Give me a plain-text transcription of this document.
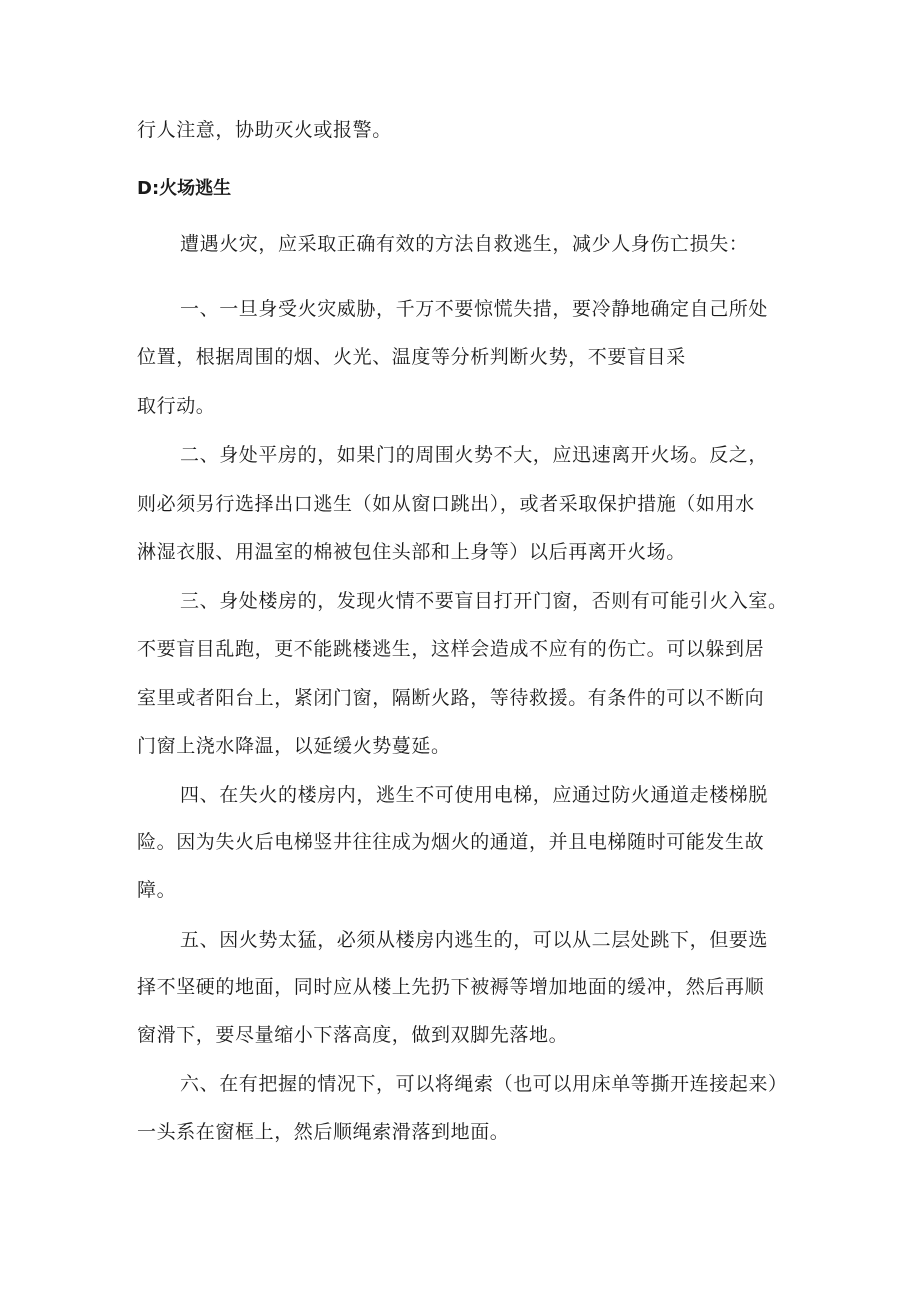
行人注意，协助灭火或报警。
D:火场逃生
遭遇火灾，应采取正确有效的方法自救逃生，减少人身伤亡损失：
一、一旦身受火灾威胁，千万不要惊慌失措，要冷静地确定自己所处
位置，根据周围的烟、火光、温度等分析判断火势，不要盲目采
取行动。
二、身处平房的，如果门的周围火势不大，应迅速离开火场。反之，
则必须另行选择出口逃生（如从窗口跳出），或者采取保护措施（如用水
淋湿衣服、用温室的棉被包住头部和上身等）以后再离开火场。
三、身处楼房的，发现火情不要盲目打开门窗，否则有可能引火入室。
不要盲目乱跑，更不能跳楼逃生，这样会造成不应有的伤亡。可以躲到居
室里或者阳台上，紧闭门窗，隔断火路，等待救援。有条件的可以不断向
门窗上浇水降温，以延缓火势蔓延。
四、在失火的楼房内，逃生不可使用电梯，应通过防火通道走楼梯脱
险。因为失火后电梯竖井往往成为烟火的通道，并且电梯随时可能发生故
障。
五、因火势太猛，必须从楼房内逃生的，可以从二层处跳下，但要选
择不坚硬的地面，同时应从楼上先扔下被褥等增加地面的缓冲，然后再顺
窗滑下，要尽量缩小下落高度，做到双脚先落地。
六、在有把握的情况下，可以将绳索（也可以用床单等撕开连接起来）
一头系在窗框上，然后顺绳索滑落到地面。
